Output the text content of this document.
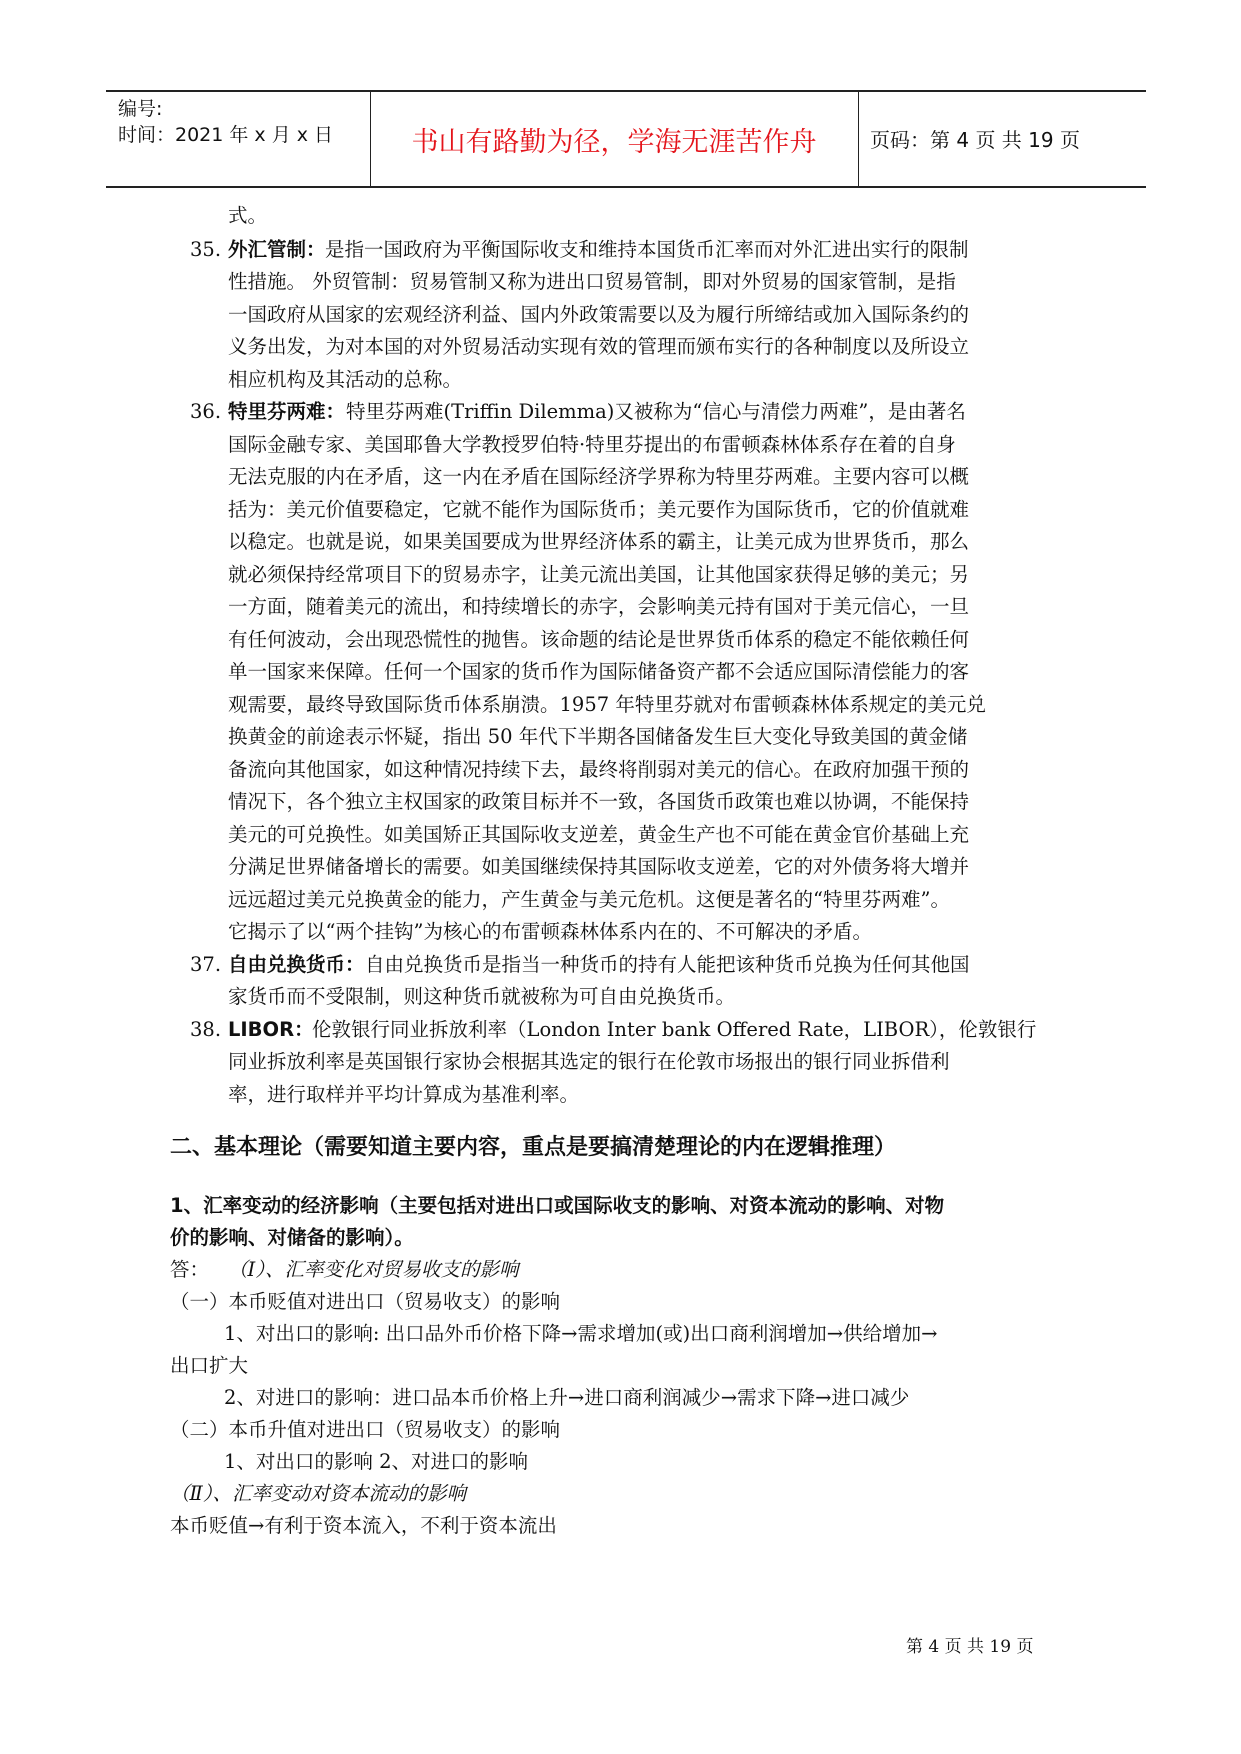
编号:
时间：2021 年 x 月 x 日	书山有路勤为径，学海无涯苦作舟	页码：第 4 页 共 19 页
式。
35. 外汇管制： 是指一国政府为平衡国际收支和维持本国货币汇率而对外汇进出实行的限制
性措施。 外贸管制：贸易管制又称为进出口贸易管制，即对外贸易的国家管制，是指
一国政府从国家的宏观经济利益、国内外政策需要以及为履行所缔结或加入国际条约的
义务出发，为对本国的对外贸易活动实现有效的管理而颁布实行的各种制度以及所设立
相应机构及其活动的总称。
36. 特里芬两难： 特里芬两难(Triffin Dilemma)又被称为“信心与清偿力两难”，是由著名
国际金融专家、美国耶鲁大学教授罗伯特·特里芬提出的布雷顿森林体系存在着的自身
无法克服的内在矛盾，这一内在矛盾在国际经济学界称为特里芬两难。主要内容可以概
括为：美元价值要稳定，它就不能作为国际货币；美元要作为国际货币，它的价值就难
以稳定。也就是说，如果美国要成为世界经济体系的霸主，让美元成为世界货币，那么
就必须保持经常项目下的贸易赤字，让美元流出美国，让其他国家获得足够的美元；另
一方面，随着美元的流出，和持续增长的赤字，会影响美元持有国对于美元信心，一旦
有任何波动，会出现恐慌性的抛售。该命题的结论是世界货币体系的稳定不能依赖任何
单一国家来保障。任何一个国家的货币作为国际储备资产都不会适应国际清偿能力的客
观需要，最终导致国际货币体系崩溃。1957 年特里芬就对布雷顿森林体系规定的美元兑
换黄金的前途表示怀疑，指出 50 年代下半期各国储备发生巨大变化导致美国的黄金储
备流向其他国家，如这种情况持续下去，最终将削弱对美元的信心。在政府加强干预的
情况下，各个独立主权国家的政策目标并不一致，各国货币政策也难以协调，不能保持
美元的可兑换性。如美国矫正其国际收支逆差，黄金生产也不可能在黄金官价基础上充
分满足世界储备增长的需要。如美国继续保持其国际收支逆差，它的对外债务将大增并
远远超过美元兑换黄金的能力，产生黄金与美元危机。这便是著名的“特里芬两难”。
它揭示了以“两个挂钩”为核心的布雷顿森林体系内在的、不可解决的矛盾。
37. 自由兑换货币： 自由兑换货币是指当一种货币的持有人能把该种货币兑换为任何其他国
家货币而不受限制，则这种货币就被称为可自由兑换货币。
38. LIBOR：
伦敦银行同业拆放利率（London Inter bank Offered Rate，LIBOR），伦敦银行
同业拆放利率是英国银行家协会根据其选定的银行在伦敦市场报出的银行同业拆借利
率，进行取样并平均计算成为基准利率。
二、基本理论（需要知道主要内容，重点是要搞清楚理论的内在逻辑推理）
1、汇率变动的经济影响（主要包括对进出口或国际收支的影响、对资本流动的影响、对物
价的影响、对储备的影响）。
答： （Ⅰ）、汇率变化对贸易收支的影响
（一）本币贬值对进出口（贸易收支）的影响
1、对出口的影响: 出口品外币价格下降→需求增加(或)出口商利润增加→供给增加→
出口扩大
2、对进口的影响：进口品本币价格上升→进口商利润减少→需求下降→进口减少
（二）本币升值对进出口（贸易收支）的影响
1、对出口的影响 2、对进口的影响
（Ⅱ）、汇率变动对资本流动的影响
本币贬值→有利于资本流入，不利于资本流出
第 4 页 共 19 页
